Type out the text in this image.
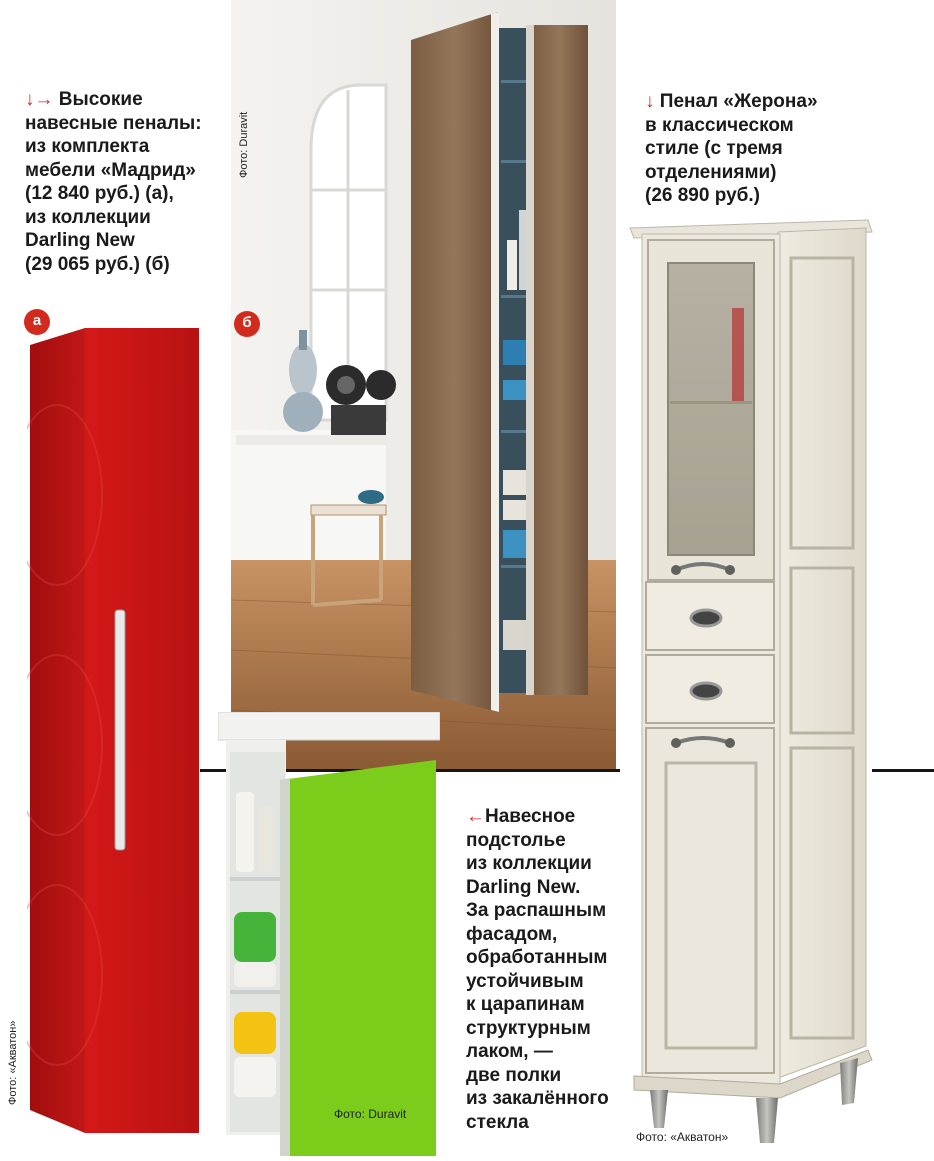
↓→ Высокие
навесные пеналы:
из комплекта
мебели «Мадрид»
(12 840 руб.) (а),
из коллекции
Darling New
(29 065 руб.) (б)
↓ Пенал «Жерона»
в классическом
стиле (с тремя
отделениями)
(26 890 руб.)
Фото: Duravit
а
Фото: «Акватон»
б
Фото: Duravit
←Навесное
подстолье
из коллекции
Darling New.
За распашным
фасадом,
обработанным
устойчивым
к царапинам
структурным
лаком, —
две полки
из закалённого
стекла
Фото: «Акватон»
